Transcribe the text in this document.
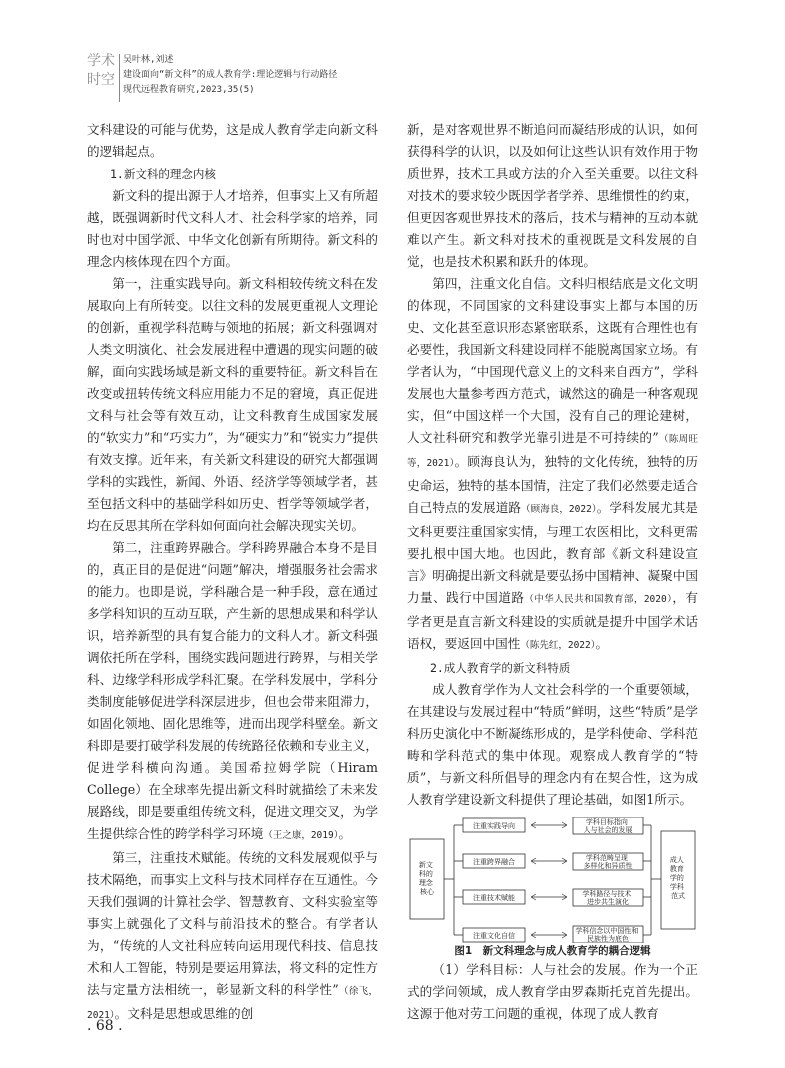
学术
时空
吴叶林,刘述
建设面向“新文科”的成人教育学:理论逻辑与行动路径
现代远程教育研究,2023,35(5)

文科建设的可能与优势，这是成人教育学走向新文科的逻辑起点。

1.新文科的理念内核

新文科的提出源于人才培养，但事实上又有所超越，既强调新时代文科人才、社会科学家的培养，同时也对中国学派、中华文化创新有所期待。新文科的理念内核体现在四个方面。

第一，注重实践导向。新文科相较传统文科在发展取向上有所转变。以往文科的发展更重视人文理论的创新，重视学科范畴与领地的拓展；新文科强调对人类文明演化、社会发展进程中遭遇的现实问题的破解，面向实践场域是新文科的重要特征。新文科旨在改变或扭转传统文科应用能力不足的窘境，真正促进文科与社会等有效互动，让文科教育生成国家发展的“软实力”和“巧实力”，为“硬实力”和“锐实力”提供有效支撑。近年来，有关新文科建设的研究大都强调学科的实践性，新闻、外语、经济学等领域学者，甚至包括文科中的基础学科如历史、哲学等领域学者，均在反思其所在学科如何面向社会解决现实关切。

第二，注重跨界融合。学科跨界融合本身不是目的，真正目的是促进“问题”解决，增强服务社会需求的能力。也即是说，学科融合是一种手段，意在通过多学科知识的互动互联，产生新的思想成果和科学认识，培养新型的具有复合能力的文科人才。新文科强调依托所在学科，围绕实践问题进行跨界，与相关学科、边缘学科形成学科汇聚。在学科发展中，学科分类制度能够促进学科深层进步，但也会带来阻滞力，如固化领地、固化思维等，进而出现学科壁垒。新文科即是要打破学科发展的传统路径依赖和专业主义，促进学科横向沟通。美国希拉姆学院（Hiram College）在全球率先提出新文科时就描绘了未来发展路线，即是要重组传统文科，促进文理交叉，为学生提供综合性的跨学科学习环境（王之康，2019）。

第三，注重技术赋能。传统的文科发展观似乎与技术隔绝，而事实上文科与技术同样存在互通性。今天我们强调的计算社会学、智慧教育、文科实验室等事实上就强化了文科与前沿技术的整合。有学者认为，“传统的人文社科应转向运用现代科技、信息技术和人工智能，特别是要运用算法，将文科的定性方法与定量方法相统一，彰显新文科的科学性”（徐飞，2021）。文科是思想或思维的创

新，是对客观世界不断追问而凝结形成的认识，如何获得科学的认识，以及如何让这些认识有效作用于物质世界，技术工具或方法的介入至关重要。以往文科对技术的要求较少既因学者学养、思维惯性的约束，但更因客观世界技术的落后，技术与精神的互动本就难以产生。新文科对技术的重视既是文科发展的自觉，也是技术积累和跃升的体现。

第四，注重文化自信。文科归根结底是文化文明的体现，不同国家的文科建设事实上都与本国的历史、文化甚至意识形态紧密联系，这既有合理性也有必要性，我国新文科建设同样不能脱离国家立场。有学者认为，“中国现代意义上的文科来自西方”，学科发展也大量参考西方范式，诚然这的确是一种客观现实，但“中国这样一个大国，没有自己的理论建树，人文社科研究和教学光靠引进是不可持续的”（陈周旺等，2021）。顾海良认为，独特的文化传统，独特的历史命运，独特的基本国情，注定了我们必然要走适合自己特点的发展道路（顾海良，2022）。学科发展尤其是文科更要注重国家实情，与理工农医相比，文科更需要扎根中国大地。也因此，教育部《新文科建设宣言》明确提出新文科就是要弘扬中国精神、凝聚中国力量、践行中国道路（中华人民共和国教育部，2020），有学者更是直言新文科建设的实质就是提升中国学术话语权，要返回中国性（陈先红，2022）。

2.成人教育学的新文科特质

成人教育学作为人文社会科学的一个重要领域，在其建设与发展过程中“特质”鲜明，这些“特质”是学科历史演化中不断凝练形成的，是学科使命、学科范畴和学科范式的集中体现。观察成人教育学的“特质”，与新文科所倡导的理念内有在契合性，这为成人教育学建设新文科提供了理论基础，如图1所示。

新文 科的 理念 核心
成人 教育 学的 学科 范式
注重实践导向
注重跨界融合
注重技术赋能
注重文化自信
学科目标指向 人与社会的发展
学科范畴呈现 多样化和异质性
学科路径与技术 进步共生演化
学科信念以中国性和 民族性为底色

图1　新文科理念与成人教育学的耦合逻辑

（1）学科目标：人与社会的发展。作为一个正式的学问领域，成人教育学由罗森斯托克首先提出。这源于他对劳工问题的重视，体现了成人教育

. 68 .
